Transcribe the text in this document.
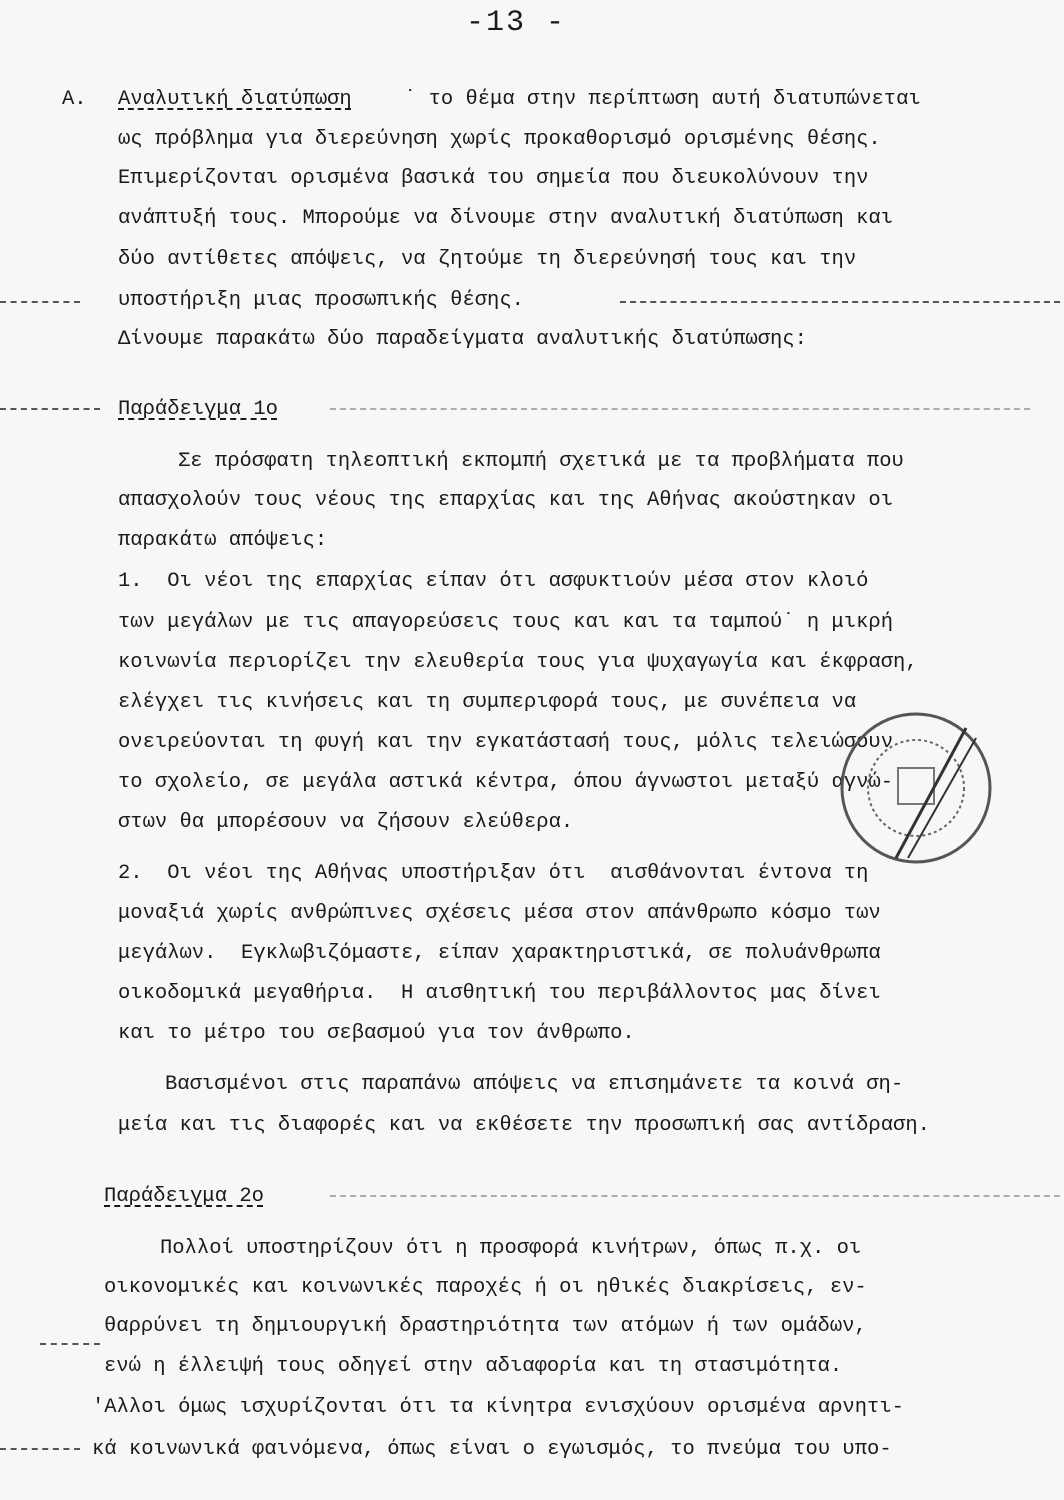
-13 -
Α. Αναλυτική διατύπωση	˙ το θέμα στην περίπτωση αυτή διατυπώνεται
ως πρόβλημα για διερεύνηση χωρίς προκαθορισμό ορισμένης θέσης.
Επιμερίζονται ορισμένα βασικά του σημεία που διευκολύνουν την
ανάπτυξή τους. Μπορούμε να δίνουμε στην αναλυτική διατύπωση και
δύο αντίθετες απόψεις, να ζητούμε τη διερεύνησή τους και την
υποστήριξη μιας προσωπικής θέσης.
Δίνουμε παρακάτω δύο παραδείγματα αναλυτικής διατύπωσης:
Παράδειγμα 1ο
Σε πρόσφατη τηλεοπτική εκπομπή σχετικά με τα προβλήματα που
απασχολούν τους νέους της επαρχίας και της Αθήνας ακούστηκαν οι
παρακάτω απόψεις:
1.  Οι νέοι της επαρχίας είπαν ότι ασφυκτιούν μέσα στον κλοιό
των μεγάλων με τις απαγορεύσεις τους και και τα ταμπού˙ η μικρή
κοινωνία περιορίζει την ελευθερία τους για ψυχαγωγία και έκφραση,
ελέγχει τις κινήσεις και τη συμπεριφορά τους, με συνέπεια να
ονειρεύονται τη φυγή και την εγκατάστασή τους, μόλις τελειώσουν
το σχολείο, σε μεγάλα αστικά κέντρα, όπου άγνωστοι μεταξύ αγνώ-
στων θα μπορέσουν να ζήσουν ελεύθερα.
2.  Οι νέοι της Αθήνας υποστήριξαν ότι  αισθάνονται έντονα τη
μοναξιά χωρίς ανθρώπινες σχέσεις μέσα στον απάνθρωπο κόσμο των
μεγάλων.  Εγκλωβιζόμαστε, είπαν χαρακτηριστικά, σε πολυάνθρωπα
οικοδομικά μεγαθήρια.  Η αισθητική του περιβάλλοντος μας δίνει
και το μέτρο του σεβασμού για τον άνθρωπο.
Βασισμένοι στις παραπάνω απόψεις να επισημάνετε τα κοινά ση-
μεία και τις διαφορές και να εκθέσετε την προσωπική σας αντίδραση.
Παράδειγμα 2ο
Πολλοί υποστηρίζουν ότι η προσφορά κινήτρων, όπως π.χ. οι
οικονομικές και κοινωνικές παροχές ή οι ηθικές διακρίσεις, εν-
θαρρύνει τη δημιουργική δραστηριότητα των ατόμων ή των ομάδων,
ενώ η έλλειψή τους οδηγεί στην αδιαφορία και τη στασιμότητα.
'Αλλοι όμως ισχυρίζονται ότι τα κίνητρα ενισχύουν ορισμένα αρνητι-
κά κοινωνικά φαινόμενα, όπως είναι ο εγωισμός, το πνεύμα του υπο-
